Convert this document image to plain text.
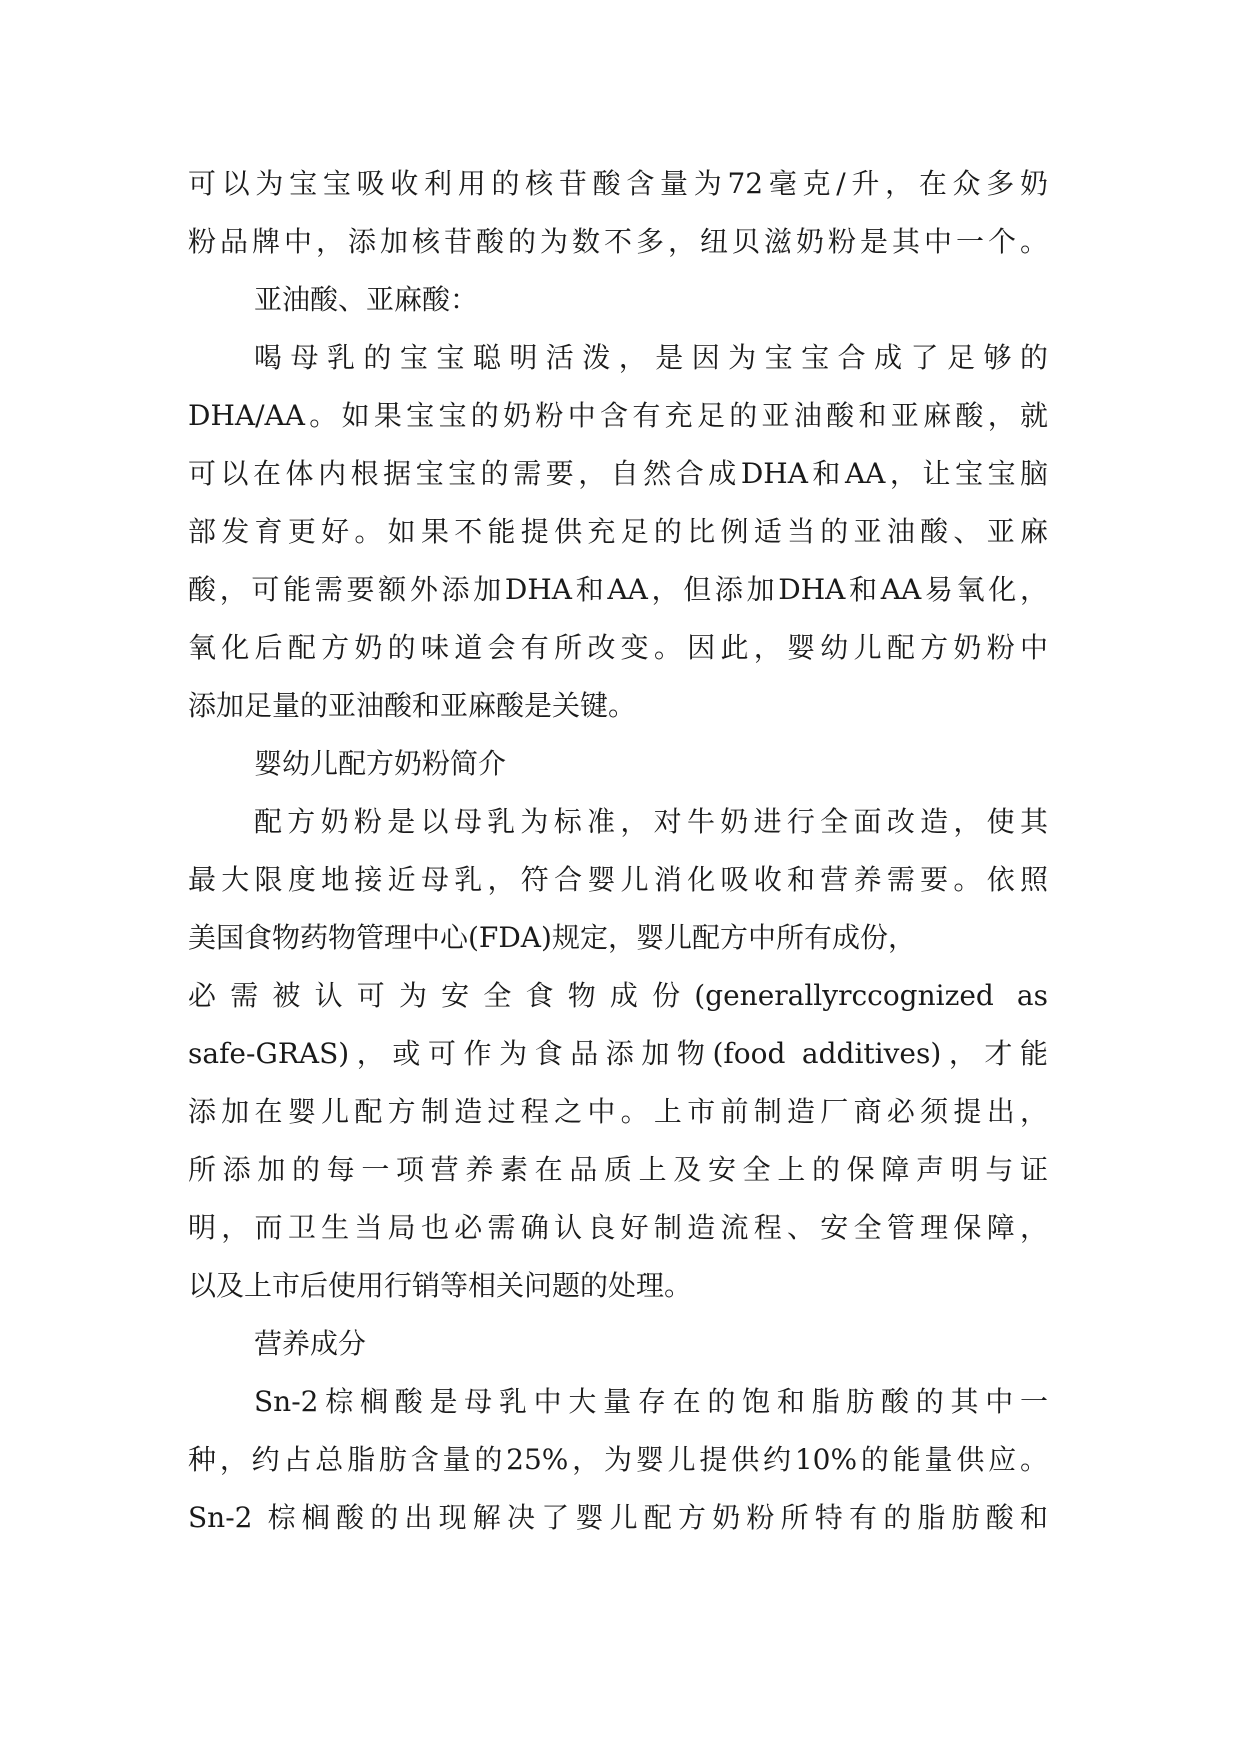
可以为宝宝吸收利用的核苷酸含量为72毫克/升，在众多奶
粉品牌中，添加核苷酸的为数不多，纽贝滋奶粉是其中一个。
亚油酸、亚麻酸：
喝母乳的宝宝聪明活泼，是因为宝宝合成了足够的
DHA/AA。如果宝宝的奶粉中含有充足的亚油酸和亚麻酸，就
可以在体内根据宝宝的需要，自然合成DHA和AA，让宝宝脑
部发育更好。如果不能提供充足的比例适当的亚油酸、亚麻
酸，可能需要额外添加DHA和AA，但添加DHA和AA易氧化，
氧化后配方奶的味道会有所改变。因此，婴幼儿配方奶粉中
添加足量的亚油酸和亚麻酸是关键。
婴幼儿配方奶粉简介
配方奶粉是以母乳为标准，对牛奶进行全面改造，使其
最大限度地接近母乳，符合婴儿消化吸收和营养需要。依照
美国食物药物管理中心(FDA)规定，婴儿配方中所有成份，
必需被认可为安全食物成份(generallyrccognized as
safe-GRAS)，或可作为食品添加物(food additives)，才能
添加在婴儿配方制造过程之中。上市前制造厂商必须提出，
所添加的每一项营养素在品质上及安全上的保障声明与证
明，而卫生当局也必需确认良好制造流程、安全管理保障，
以及上市后使用行销等相关问题的处理。
营养成分
Sn-2棕榈酸是母乳中大量存在的饱和脂肪酸的其中一
种，约占总脂肪含量的25%，为婴儿提供约10%的能量供应。
Sn-2 棕榈酸的出现解决了婴儿配方奶粉所特有的脂肪酸和
